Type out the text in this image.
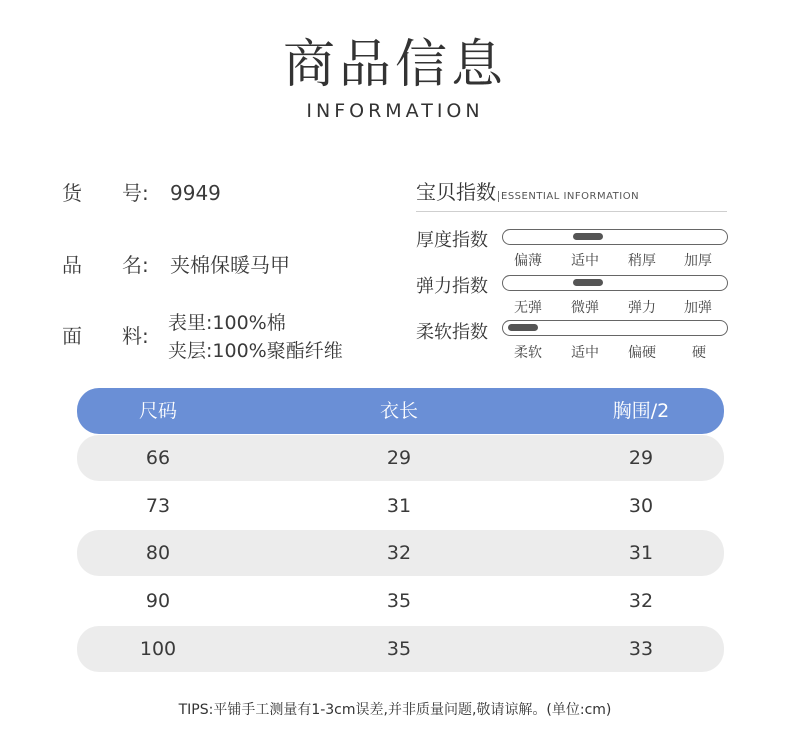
商品信息
INFORMATION
货 号: 9949
品 名: 夹棉保暖马甲
面 料:
表里:100%棉
夹层:100%聚酯纤维
宝贝指数 ESSENTIAL INFORMATION
厚度指数
偏薄 适中 稍厚 加厚
弹力指数
无弹 微弹 弹力 加弹
柔软指数
柔软 适中 偏硬	硬
尺码	衣长	胸围/2
66	29	29
73	31	30
80	32	31
90	35	32
100	35	33
TIPS:平铺手工测量有1-3cm误差,并非质量问题,敬请谅解。(单位:cm)
